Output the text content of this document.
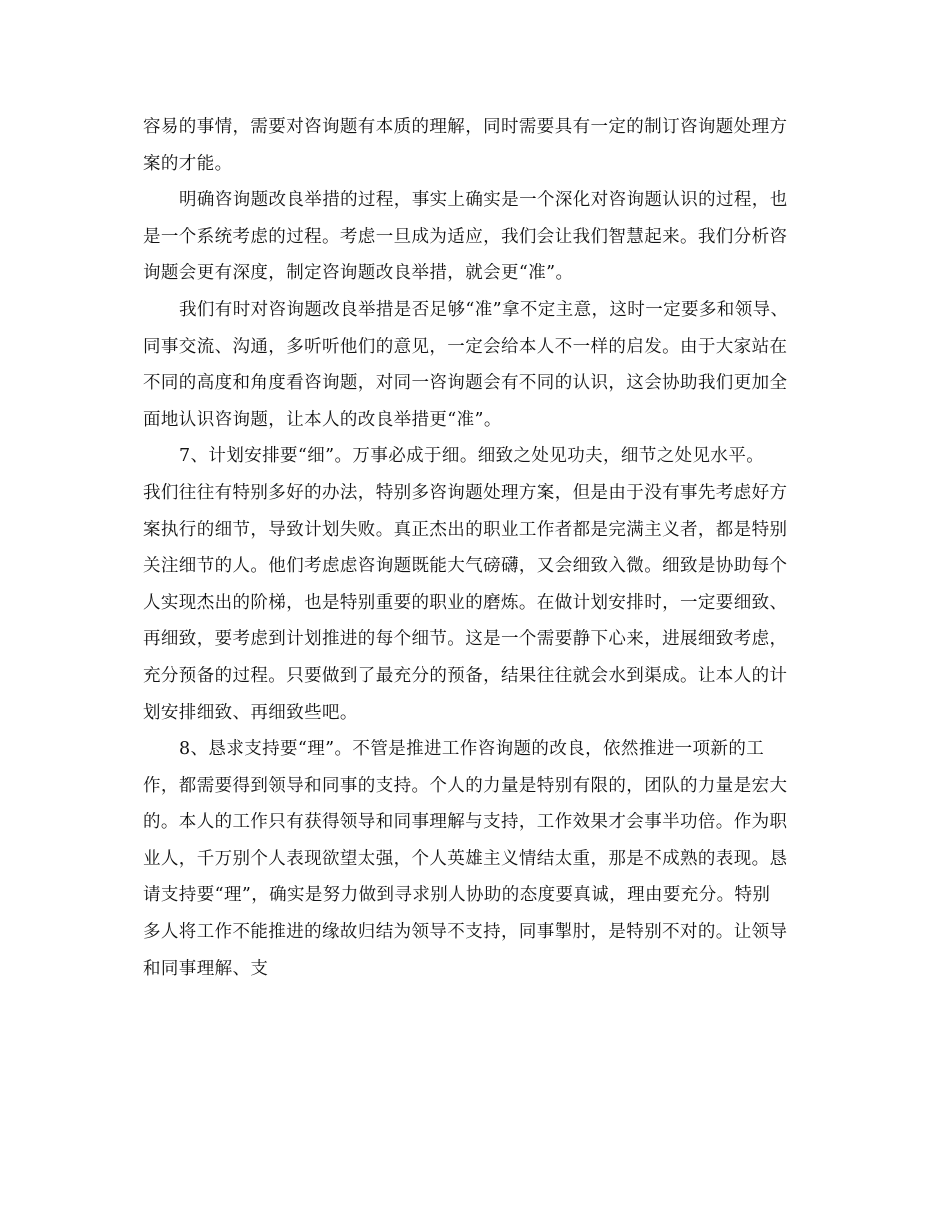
容易的事情，需要对咨询题有本质的理解，同时需要具有一定的制订咨询题处理方
案的才能。
明确咨询题改良举措的过程，事实上确实是一个深化对咨询题认识的过程，也
是一个系统考虑的过程。考虑一旦成为适应，我们会让我们智慧起来。我们分析咨
询题会更有深度，制定咨询题改良举措，就会更“准”。
我们有时对咨询题改良举措是否足够“准”拿不定主意，这时一定要多和领导、
同事交流、沟通，多听听他们的意见，一定会给本人不一样的启发。由于大家站在
不同的高度和角度看咨询题，对同一咨询题会有不同的认识，这会协助我们更加全
面地认识咨询题，让本人的改良举措更“准”。
7、计划安排要“细”。万事必成于细。细致之处见功夫，细节之处见水平。
我们往往有特别多好的办法，特别多咨询题处理方案，但是由于没有事先考虑好方
案执行的细节，导致计划失败。真正杰出的职业工作者都是完满主义者，都是特别
关注细节的人。他们考虑虑咨询题既能大气磅礴，又会细致入微。细致是协助每个
人实现杰出的阶梯，也是特别重要的职业的磨炼。在做计划安排时，一定要细致、
再细致，要考虑到计划推进的每个细节。这是一个需要静下心来，进展细致考虑，
充分预备的过程。只要做到了最充分的预备，结果往往就会水到渠成。让本人的计
划安排细致、再细致些吧。
8、恳求支持要“理”。不管是推进工作咨询题的改良，依然推进一项新的工
作，都需要得到领导和同事的支持。个人的力量是特别有限的，团队的力量是宏大
的。本人的工作只有获得领导和同事理解与支持，工作效果才会事半功倍。作为职
业人，千万别个人表现欲望太强，个人英雄主义情结太重，那是不成熟的表现。恳
请支持要“理”，确实是努力做到寻求别人协助的态度要真诚，理由要充分。特别
多人将工作不能推进的缘故归结为领导不支持，同事掣肘，是特别不对的。让领导
和同事理解、支
